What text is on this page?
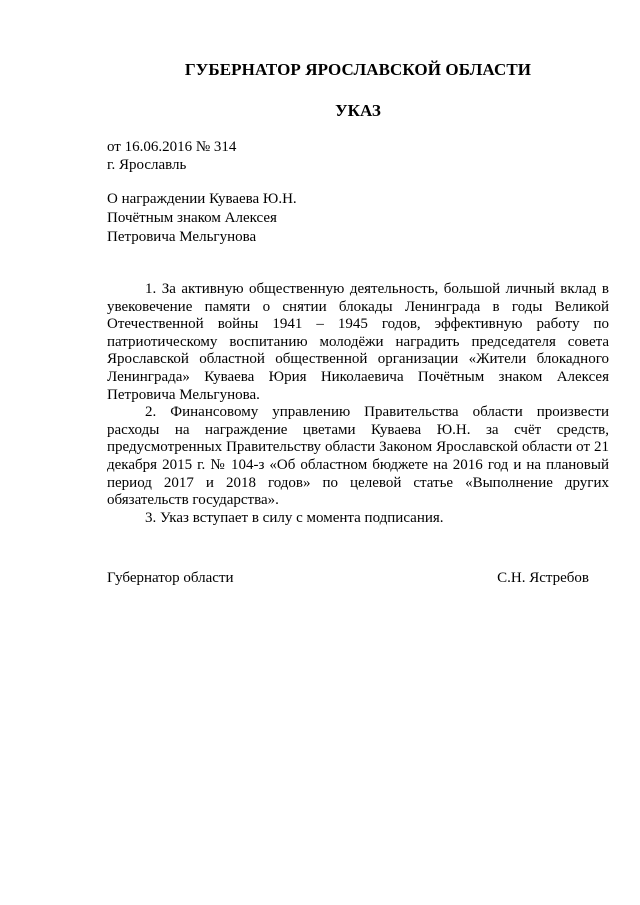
ГУБЕРНАТОР ЯРОСЛАВСКОЙ ОБЛАСТИ
УКАЗ
от 16.06.2016 № 314
г. Ярославль
О награждении Куваева Ю.Н.
Почётным знаком Алексея
Петровича Мельгунова

1. За активную общественную деятельность, большой личный вклад в увековечение памяти о снятии блокады Ленинграда в годы Великой Отечественной войны 1941 – 1945 годов, эффективную работу по патриотическому воспитанию молодёжи наградить председателя совета Ярославской областной общественной организации «Жители блокадного Ленинграда» Куваева Юрия Николаевича Почётным знаком Алексея Петровича Мельгунова.

2. Финансовому управлению Правительства области произвести расходы на награждение цветами Куваева Ю.Н. за счёт средств, предусмотренных Правительству области Законом Ярославской области от 21 декабря 2015 г. № 104-з «Об областном бюджете на 2016 год и на плановый период 2017 и 2018 годов» по целевой статье «Выполнение других обязательств государства».

3. Указ вступает в силу с момента подписания.

Губернатор области	С.Н. Ястребов
